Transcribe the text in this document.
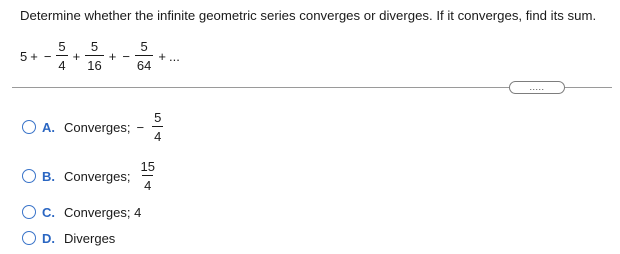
Determine whether the infinite geometric series converges or diverges. If it converges, find its sum.
5 + − $\frac{5}{4} + \frac{5}{16}$ + − $\frac{5}{64}$ + ...
.....
A. Converges; − $\frac{5}{4}$
B. Converges; $\frac{15}{4}$
C. Converges; 4
D. Diverges
